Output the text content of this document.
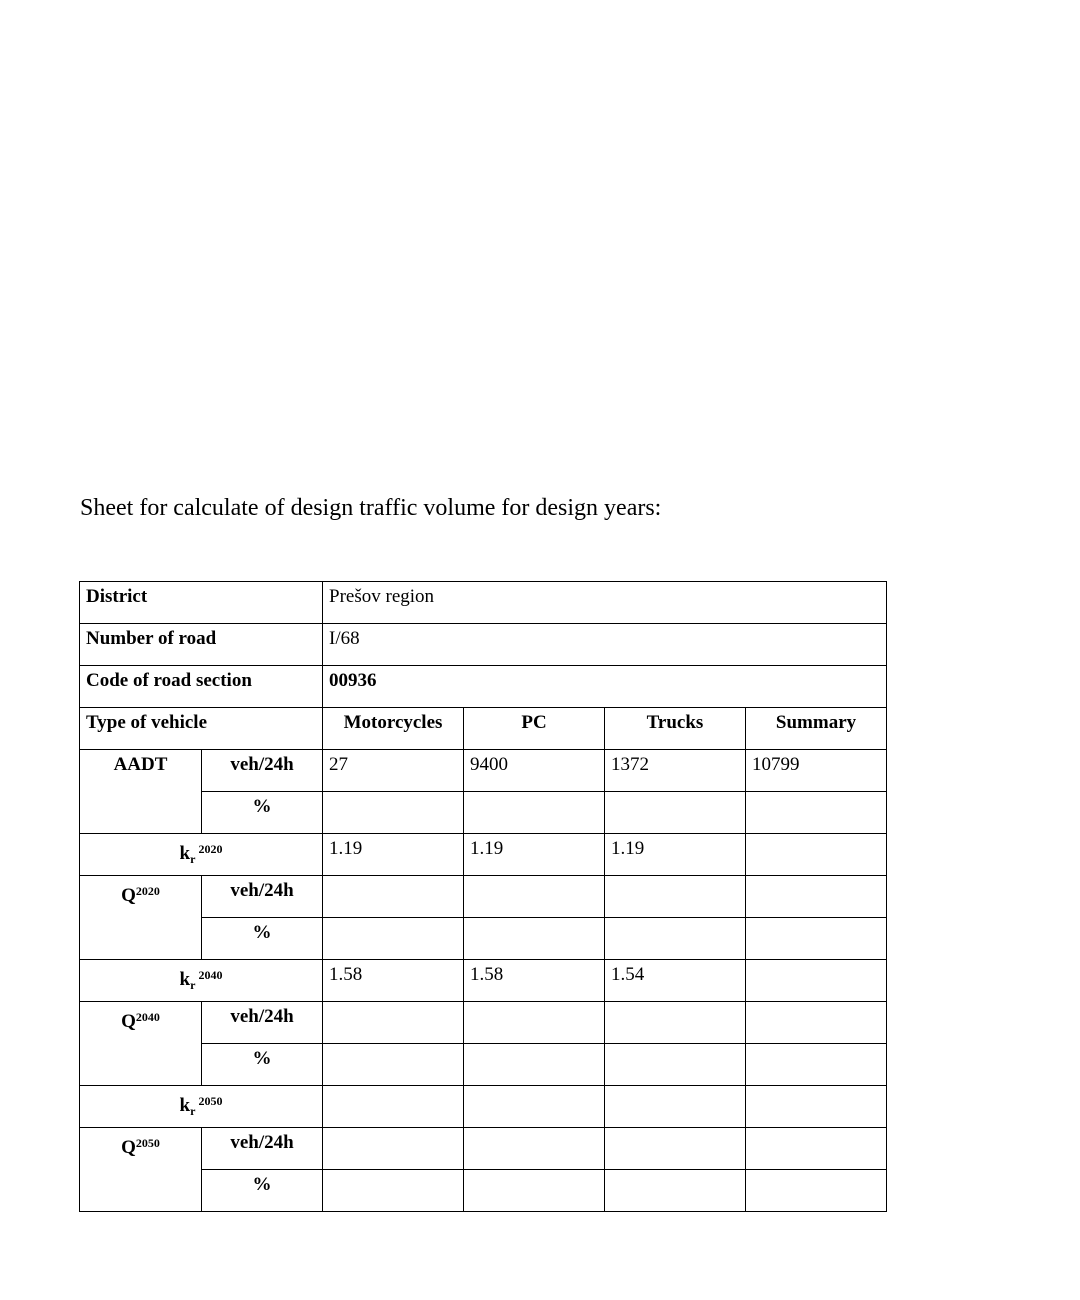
Sheet for calculate of design traffic volume for design years:
District		Prešov region			
Number of road		I/68			
Code of road section		00936			
Type of vehicle		Motorcycles	PC	Trucks	Summary
AADT	veh/24h	27	9400	1372	10799
	%				
$k_r^{2020}$		1.19	1.19	1.19	
$Q^{2020}$	veh/24h				
	%				
$k_r^{2040}$		1.58	1.58	1.54	
$Q^{2040}$	veh/24h				
	%				
$k_r^{2050}$				
$Q^{2050}$	veh/24h				
	%				
